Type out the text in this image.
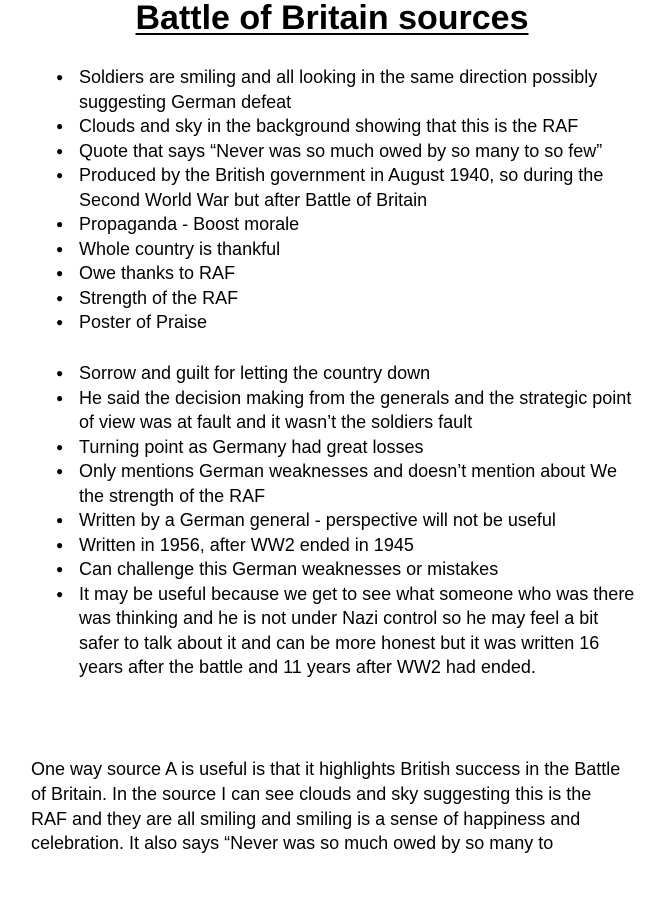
Battle of Britain sources
● Soldiers are smiling and all looking in the same direction possibly suggesting German defeat
● Clouds and sky in the background showing that this is the RAF
● Quote that says “Never was so much owed by so many to so few”
● Produced by the British government in August 1940, so during the Second World War but after Battle of Britain
● Propaganda - Boost morale
● Whole country is thankful
● Owe thanks to RAF
● Strength of the RAF
● Poster of Praise
● Sorrow and guilt for letting the country down
● He said the decision making from the generals and the strategic point of view was at fault and it wasn’t the soldiers fault
● Turning point as Germany had great losses
● Only mentions German weaknesses and doesn’t mention about We the strength of the RAF
● Written by a German general - perspective will not be useful
● Written in 1956, after WW2 ended in 1945
● Can challenge this German weaknesses or mistakes
● It may be useful because we get to see what someone who was there was thinking and he is not under Nazi control so he may feel a bit safer to talk about it and can be more honest but it was written 16 years after the battle and 11 years after WW2 had ended.

One way source A is useful is that it highlights British success in the Battle of Britain. In the source I can see clouds and sky suggesting this is the RAF and they are all smiling and smiling is a sense of happiness and celebration. It also says “Never was so much owed by so many to
